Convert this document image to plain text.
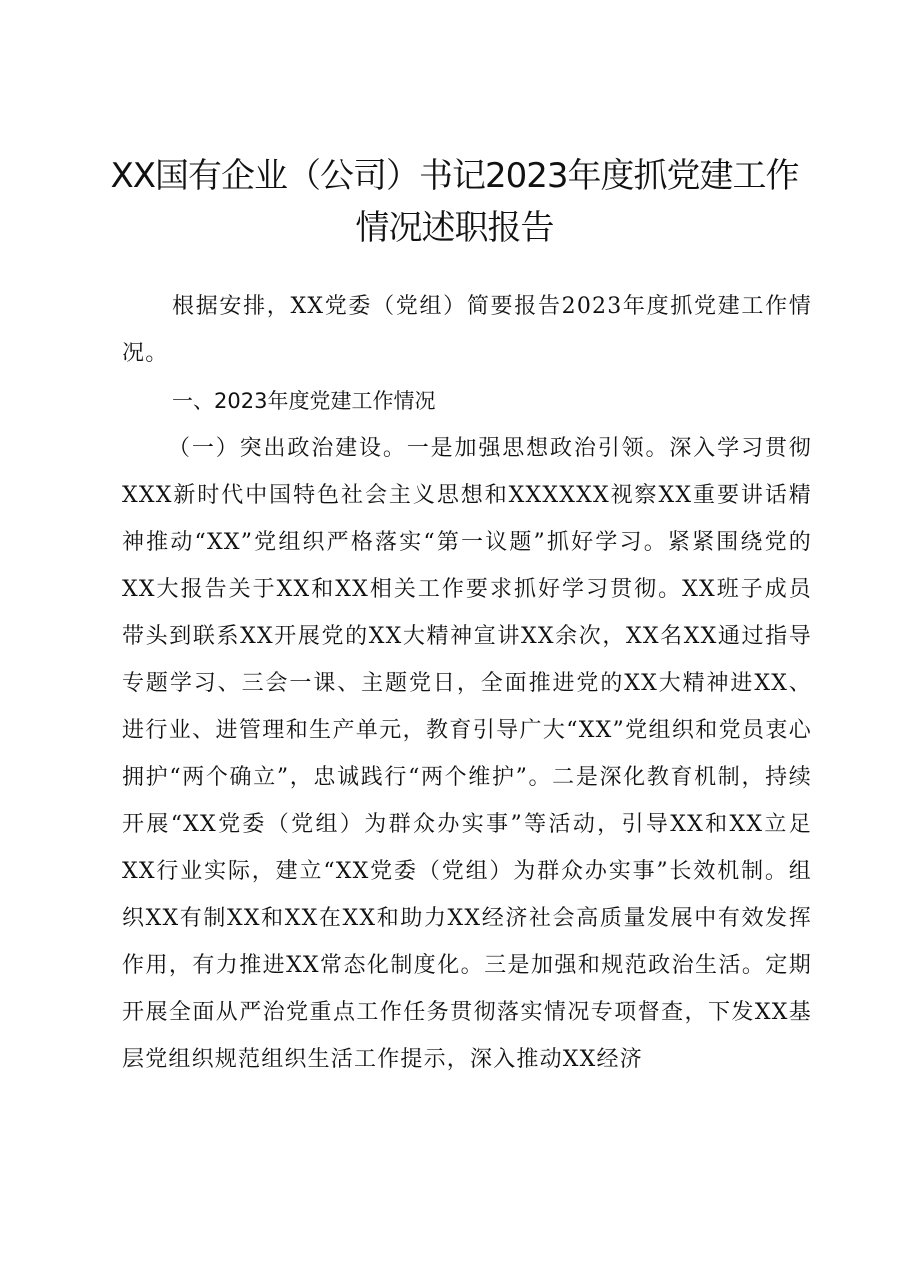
XX国有企业（公司）书记2023年度抓党建工作
情况述职报告

根据安排，XX党委（党组）简要报告2023年度抓党建工作情况。

一、2023年度党建工作情况

（一）突出政治建设。一是加强思想政治引领。深入学习贯彻XXX新时代中国特色社会主义思想和XXXXXX视察XX重要讲话精神推动“XX”党组织严格落实“第一议题”抓好学习。紧紧围绕党的XX大报告关于XX和XX相关工作要求抓好学习贯彻。XX班子成员带头到联系XX开展党的XX大精神宣讲XX余次，XX名XX通过指导专题学习、三会一课、主题党日，全面推进党的XX大精神进XX、进行业、进管理和生产单元，教育引导广大“XX”党组织和党员衷心拥护“两个确立”，忠诚践行“两个维护”。二是深化教育机制，持续开展“XX党委（党组）为群众办实事”等活动，引导XX和XX立足XX行业实际，建立“XX党委（党组）为群众办实事”长效机制。组织XX有制XX和XX在XX和助力XX经济社会高质量发展中有效发挥作用，有力推进XX常态化制度化。三是加强和规范政治生活。定期开展全面从严治党重点工作任务贯彻落实情况专项督查，下发XX基层党组织规范组织生活工作提示，深入推动XX经济
